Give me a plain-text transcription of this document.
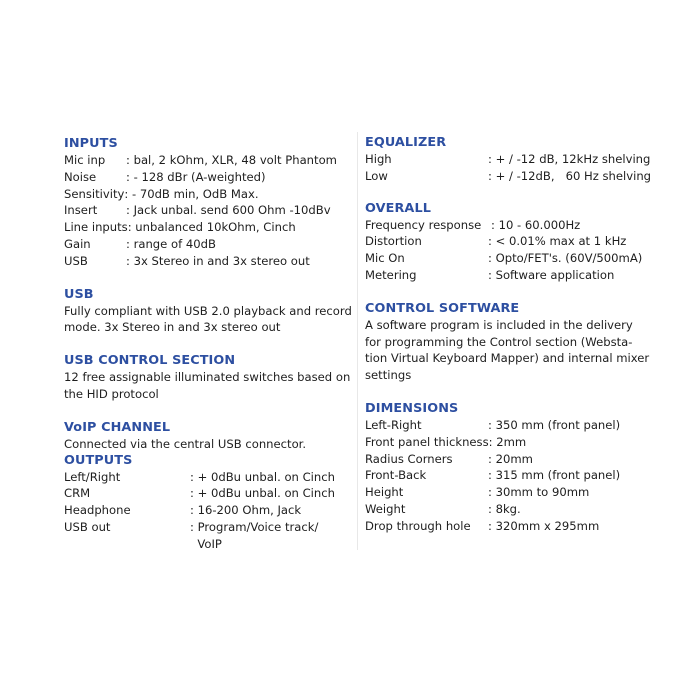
INPUTS
Mic inp	: bal, 2 kOhm, XLR, 48 volt Phantom
Noise	: - 128 dBr (A-weighted)
Sensitivity : - 70dB min, OdB Max.
Insert	: Jack unbal. send 600 Ohm -10dBv
Line inputs : unbalanced 10kOhm, Cinch
Gain	: range of 40dB
USB	: 3x Stereo in and 3x stereo out
USB

Fully compliant with USB 2.0 playback and record

mode. 3x Stereo in and 3x stereo out

USB CONTROL SECTION

12 free assignable illuminated switches based on

the HID protocol

VoIP CHANNEL

Connected via the central USB connector.

OUTPUTS
Left/Right	: + 0dBu unbal. on Cinch
CRM	: + 0dBu unbal. on Cinch
Headphone	: 16-200 Ohm, Jack
USB out	: Program/Voice track/
VoIP
EQUALIZER
High	: + / -12 dB, 12kHz shelving
Low	: + / -12dB,   60 Hz shelving
OVERALL
Frequency response : 10 - 60.000Hz
Distortion	: < 0.01% max at 1 kHz
Mic On	: Opto/FET's. (60V/500mA)
Metering	: Software application
CONTROL SOFTWARE

A software program is included in the delivery

for programming the Control section (Websta-

tion Virtual Keyboard Mapper) and internal mixer

settings

DIMENSIONS
Left-Right	: 350 mm (front panel)
Front panel thickness : 2mm
Radius Corners	: 20mm
Front-Back	: 315 mm (front panel)
Height	: 30mm to 90mm
Weight	: 8kg.
Drop through hole	: 320mm x 295mm
